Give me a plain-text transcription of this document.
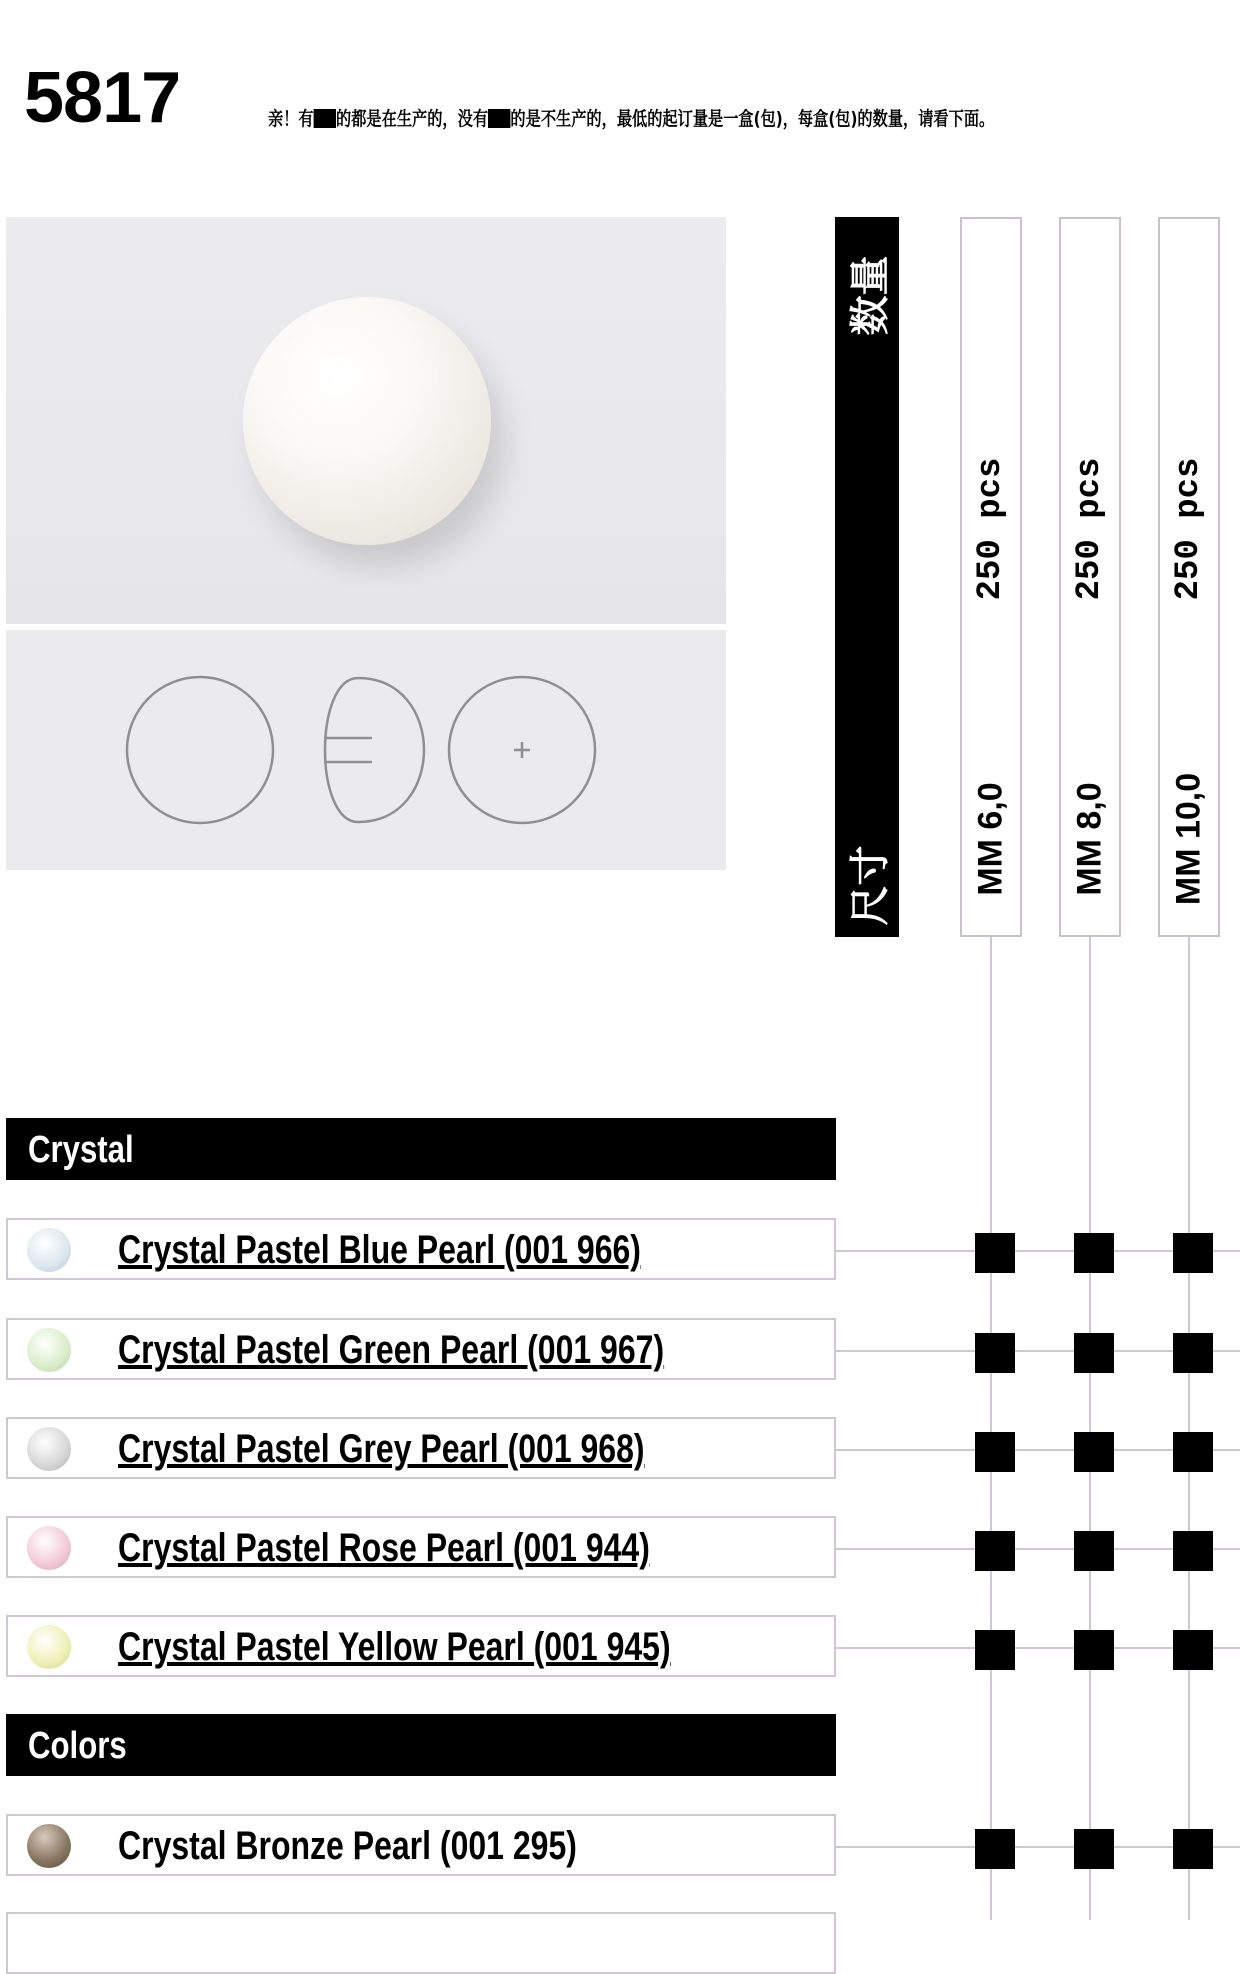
5817	亲！有 的都是在生产的，没有 的是不生产的，最低的起订量是一盒(包)，每盒(包)的数量，请看下面。
数量
尺寸
250 pcs
MM 6,0
250 pcs
MM 8,0
250 pcs
MM 10,0
Crystal
Crystal Pastel Blue Pearl (001 966)
Crystal Pastel Green Pearl (001 967)
Crystal Pastel Grey Pearl (001 968)
Crystal Pastel Rose Pearl (001 944)
Crystal Pastel Yellow Pearl (001 945)
Colors
Crystal Bronze Pearl (001 295)
